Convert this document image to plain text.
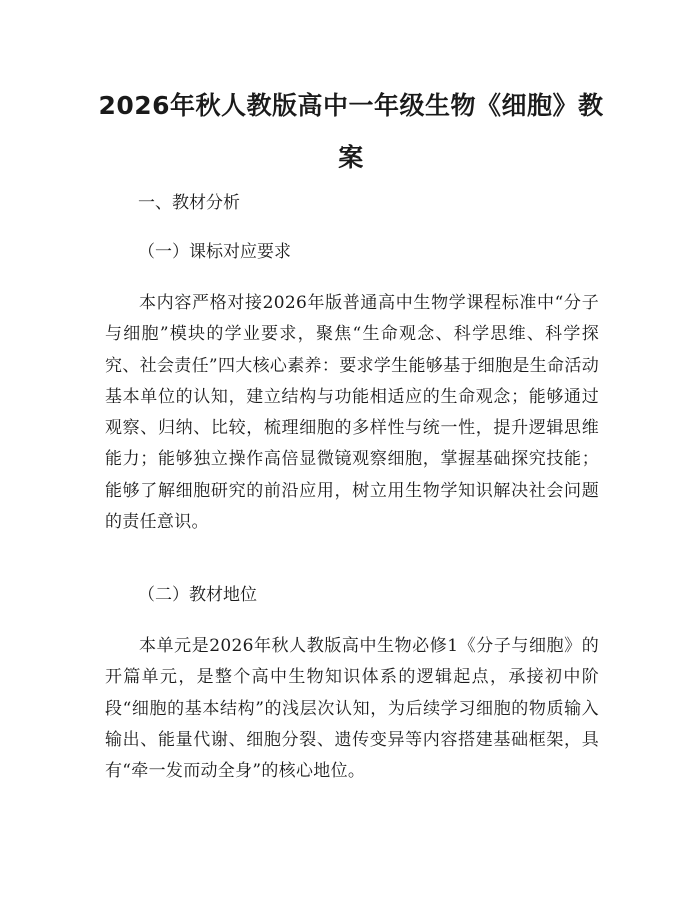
2026年秋人教版高中一年级生物《细胞》教案

一、教材分析

（一）课标对应要求

本内容严格对接2026年版普通高中生物学课程标准中“分子与细胞”模块的学业要求，聚焦“生命观念、科学思维、科学探究、社会责任”四大核心素养：要求学生能够基于细胞是生命活动基本单位的认知，建立结构与功能相适应的生命观念；能够通过观察、归纳、比较，梳理细胞的多样性与统一性，提升逻辑思维能力；能够独立操作高倍显微镜观察细胞，掌握基础探究技能；能够了解细胞研究的前沿应用，树立用生物学知识解决社会问题的责任意识。

（二）教材地位

本单元是2026年秋人教版高中生物必修1《分子与细胞》的开篇单元，是整个高中生物知识体系的逻辑起点，承接初中阶段“细胞的基本结构”的浅层次认知，为后续学习细胞的物质输入输出、能量代谢、细胞分裂、遗传变异等内容搭建基础框架，具有“牵一发而动全身”的核心地位。
